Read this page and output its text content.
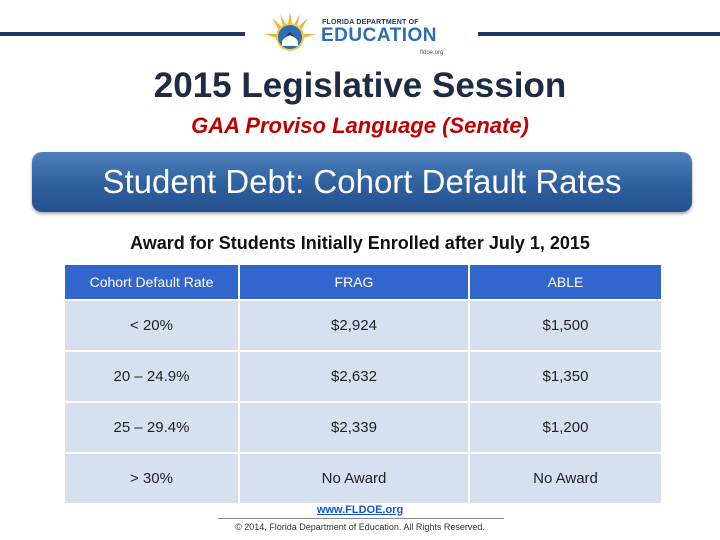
FLORIDA DEPARTMENT OF
EDUCATION
fldoe.org
2015 Legislative Session
GAA Proviso Language (Senate)
Student Debt: Cohort Default Rates
Award for Students Initially Enrolled after July 1, 2015
Cohort Default Rate	FRAG	ABLE
< 20%	$2,924	$1,500
20 – 24.9%	$2,632	$1,350
25 – 29.4%	$2,339	$1,200
> 30%	No Award	No Award
www.FLDOE.org
© 2014, Florida Department of Education. All Rights Reserved.
